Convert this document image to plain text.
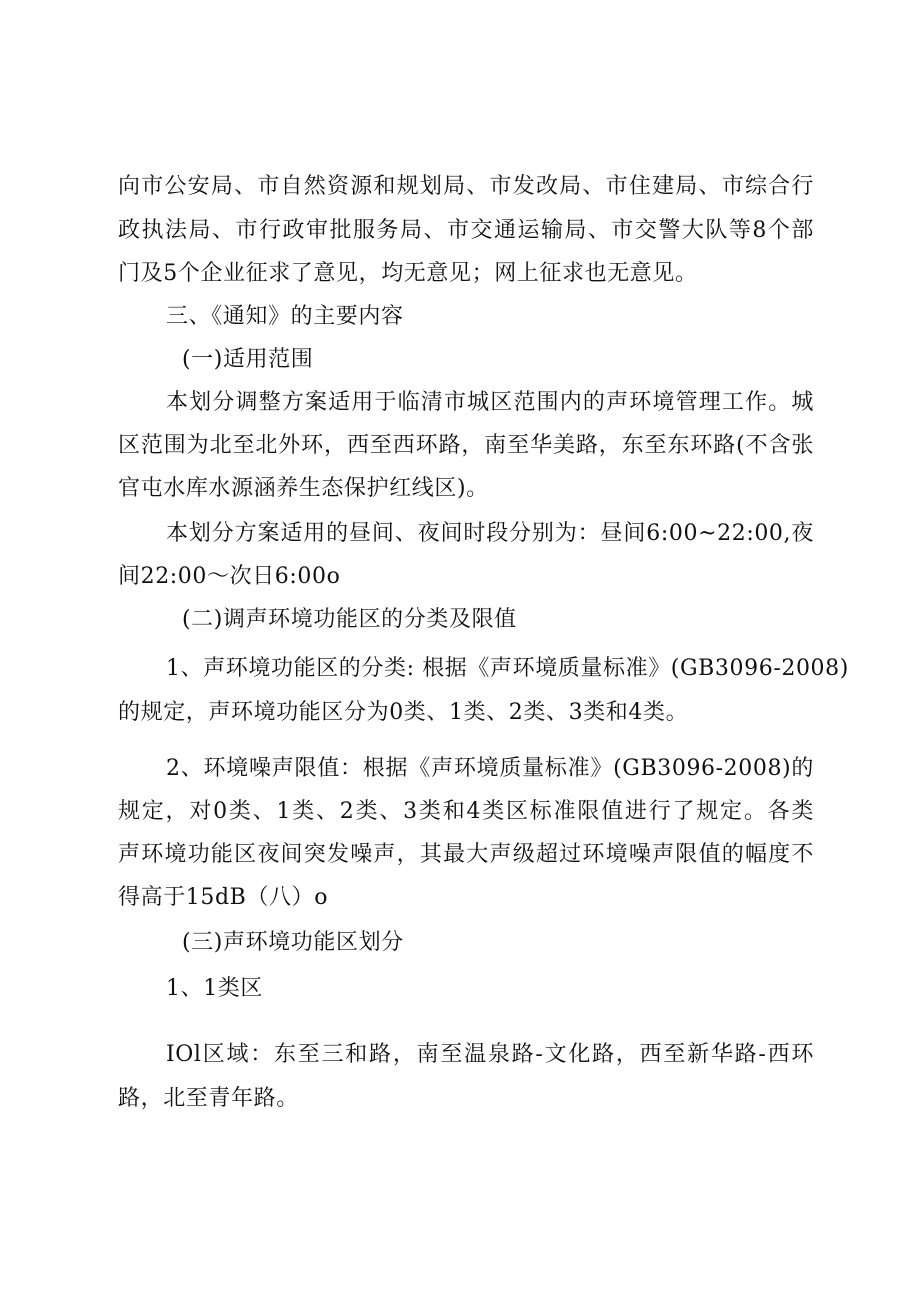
向市公安局、市自然资源和规划局、市发改局、市住建局、市综合行
政执法局、市行政审批服务局、市交通运输局、市交警大队等8个部
门及5个企业征求了意见，均无意见；网上征求也无意见。
三、《通知》的主要内容
(一)适用范围
本划分调整方案适用于临清市城区范围内的声环境管理工作。城
区范围为北至北外环，西至西环路，南至华美路，东至东环路(不含张
官屯水库水源涵养生态保护红线区)。
本划分方案适用的昼间、夜间时段分别为：昼间6:00~22:00,夜
间22:00～次日6:00o
(二)调声环境功能区的分类及限值
1、声环境功能区的分类: 根据《声环境质量标准》(GB3096-2008)
的规定，声环境功能区分为0类、1类、2类、3类和4类。
2、环境噪声限值：根据《声环境质量标准》(GB3096-2008)的
规定，对0类、1类、2类、3类和4类区标准限值进行了规定。各类
声环境功能区夜间突发噪声，其最大声级超过环境噪声限值的幅度不
得高于15dB（八）o
(三)声环境功能区划分
1、1类区
IOl区域：东至三和路，南至温泉路-文化路，西至新华路-西环
路，北至青年路。
